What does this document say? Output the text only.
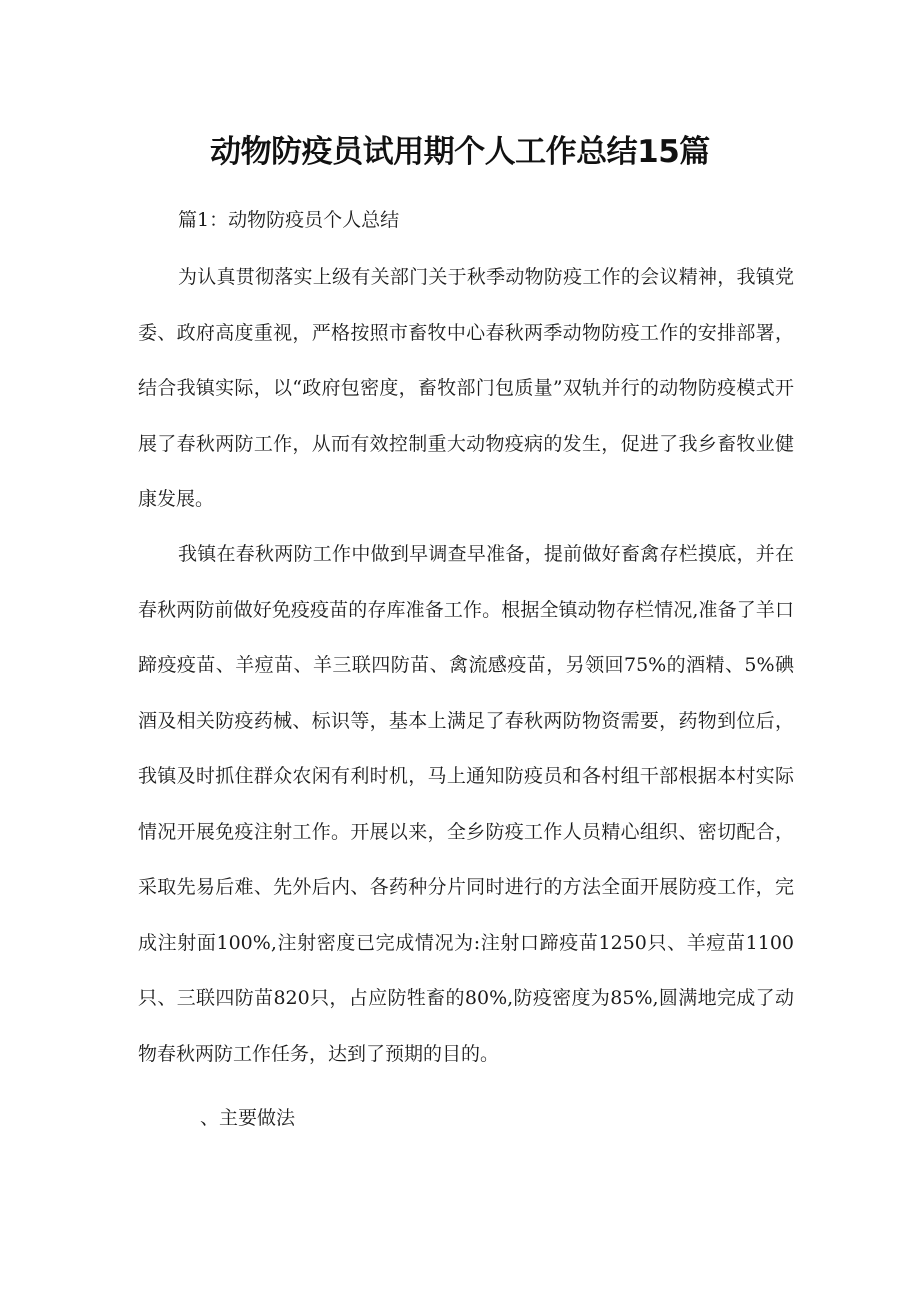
动物防疫员试用期个人工作总结15篇
篇1：动物防疫员个人总结

为认真贯彻落实上级有关部门关于秋季动物防疫工作的会议精神，我镇党委、政府高度重视，严格按照市畜牧中心春秋两季动物防疫工作的安排部署，结合我镇实际，以“政府包密度，畜牧部门包质量”双轨并行的动物防疫模式开展了春秋两防工作，从而有效控制重大动物疫病的发生，促进了我乡畜牧业健康发展。

我镇在春秋两防工作中做到早调查早准备，提前做好畜禽存栏摸底，并在春秋两防前做好免疫疫苗的存库准备工作。根据全镇动物存栏情况,准备了羊口蹄疫疫苗、羊痘苗、羊三联四防苗、禽流感疫苗，另领回75%的酒精、5%碘酒及相关防疫药械、标识等，基本上满足了春秋两防物资需要，药物到位后，我镇及时抓住群众农闲有利时机，马上通知防疫员和各村组干部根据本村实际情况开展免疫注射工作。开展以来，全乡防疫工作人员精心组织、密切配合，采取先易后难、先外后内、各药种分片同时进行的方法全面开展防疫工作，完成注射面100%,注射密度已完成情况为:注射口蹄疫苗1250只、羊痘苗1100只、三联四防苗820只，占应防牲畜的80%,防疫密度为85%,圆满地完成了动物春秋两防工作任务，达到了预期的目的。

、主要做法
